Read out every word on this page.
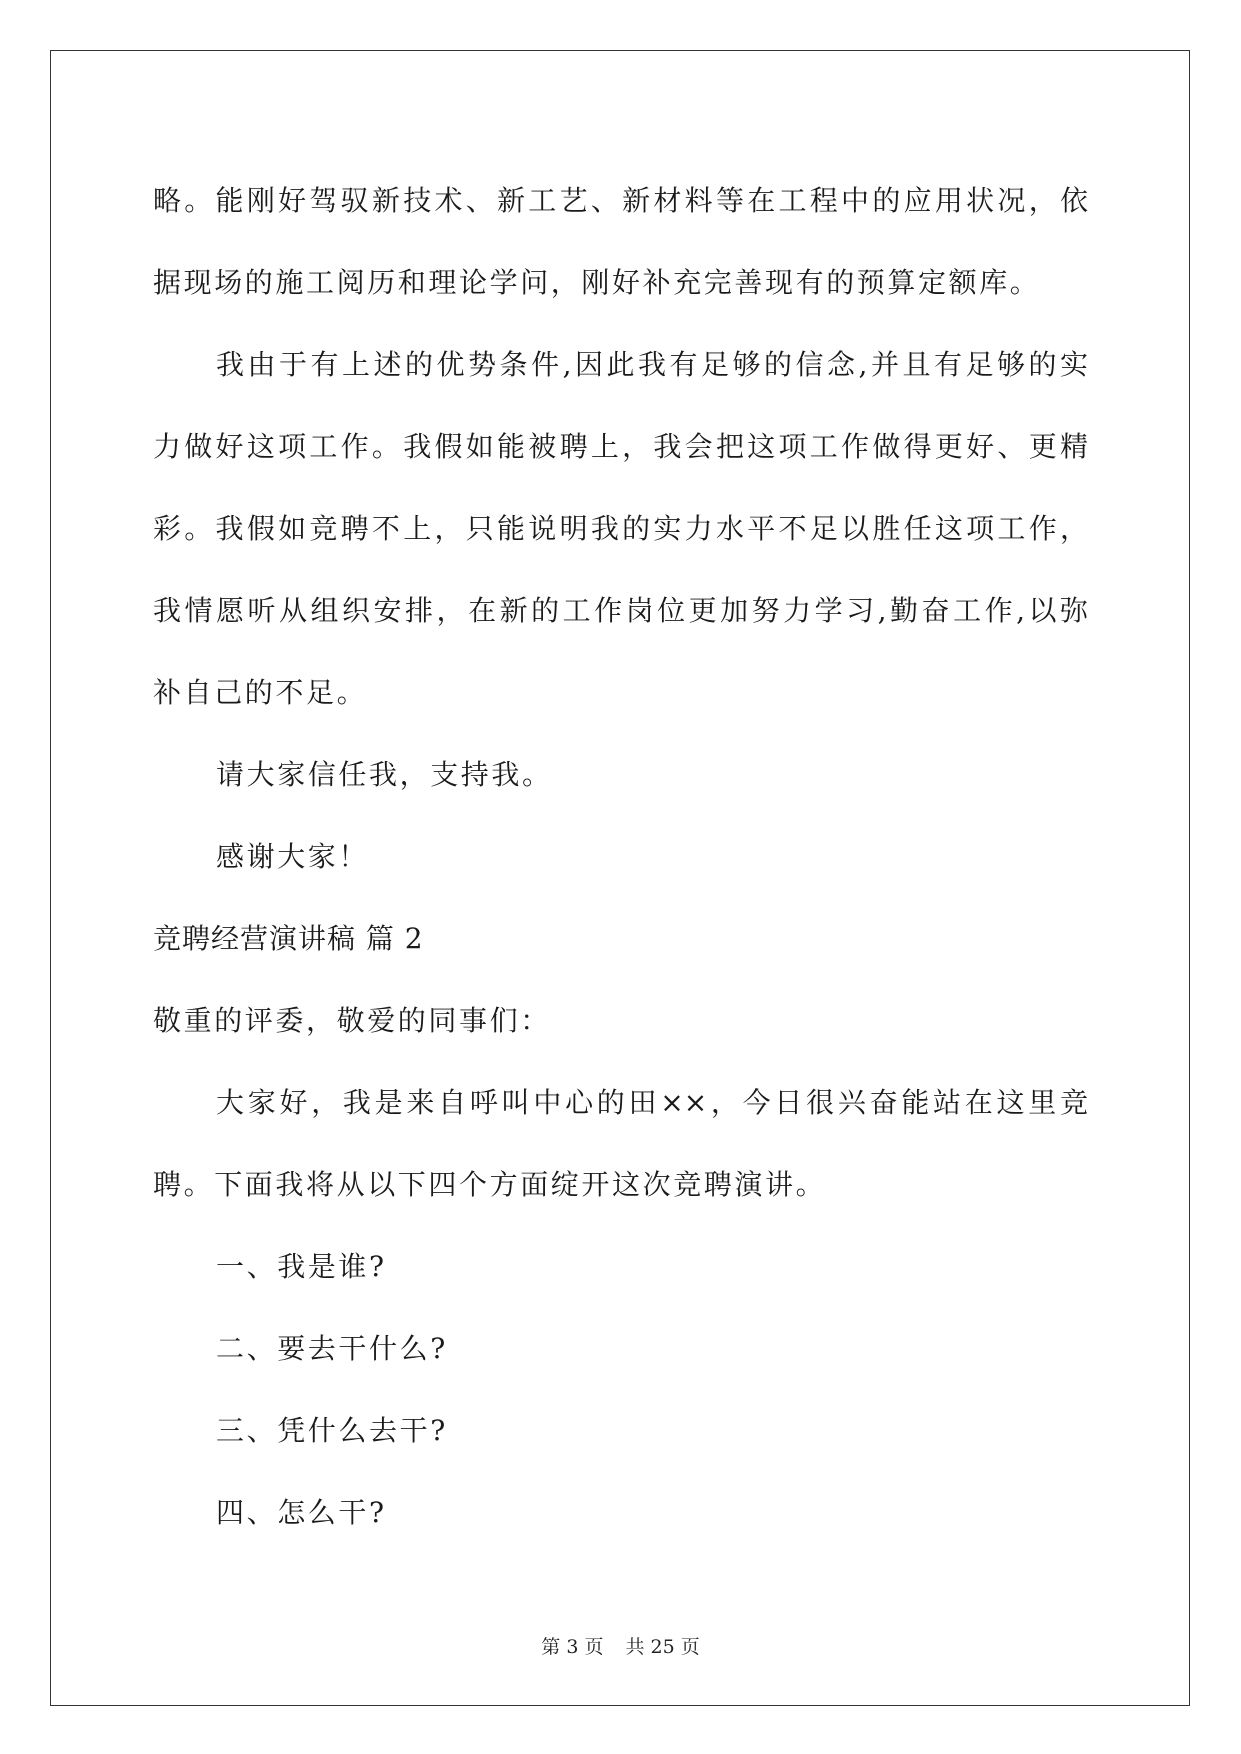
略。能刚好驾驭新技术、新工艺、新材料等在工程中的应用状况，依
据现场的施工阅历和理论学问，刚好补充完善现有的预算定额库。
我由于有上述的优势条件,因此我有足够的信念,并且有足够的实
力做好这项工作。我假如能被聘上，我会把这项工作做得更好、更精
彩。我假如竞聘不上，只能说明我的实力水平不足以胜任这项工作，
我情愿听从组织安排，在新的工作岗位更加努力学习,勤奋工作,以弥
补自己的不足。
请大家信任我，支持我。
感谢大家！
竞聘经营演讲稿 篇 2
敬重的评委，敬爱的同事们：
大家好，我是来自呼叫中心的田××，今日很兴奋能站在这里竞
聘。下面我将从以下四个方面绽开这次竞聘演讲。
一、我是谁?
二、要去干什么?
三、凭什么去干?
四、怎么干?
第 3 页 共 25 页
